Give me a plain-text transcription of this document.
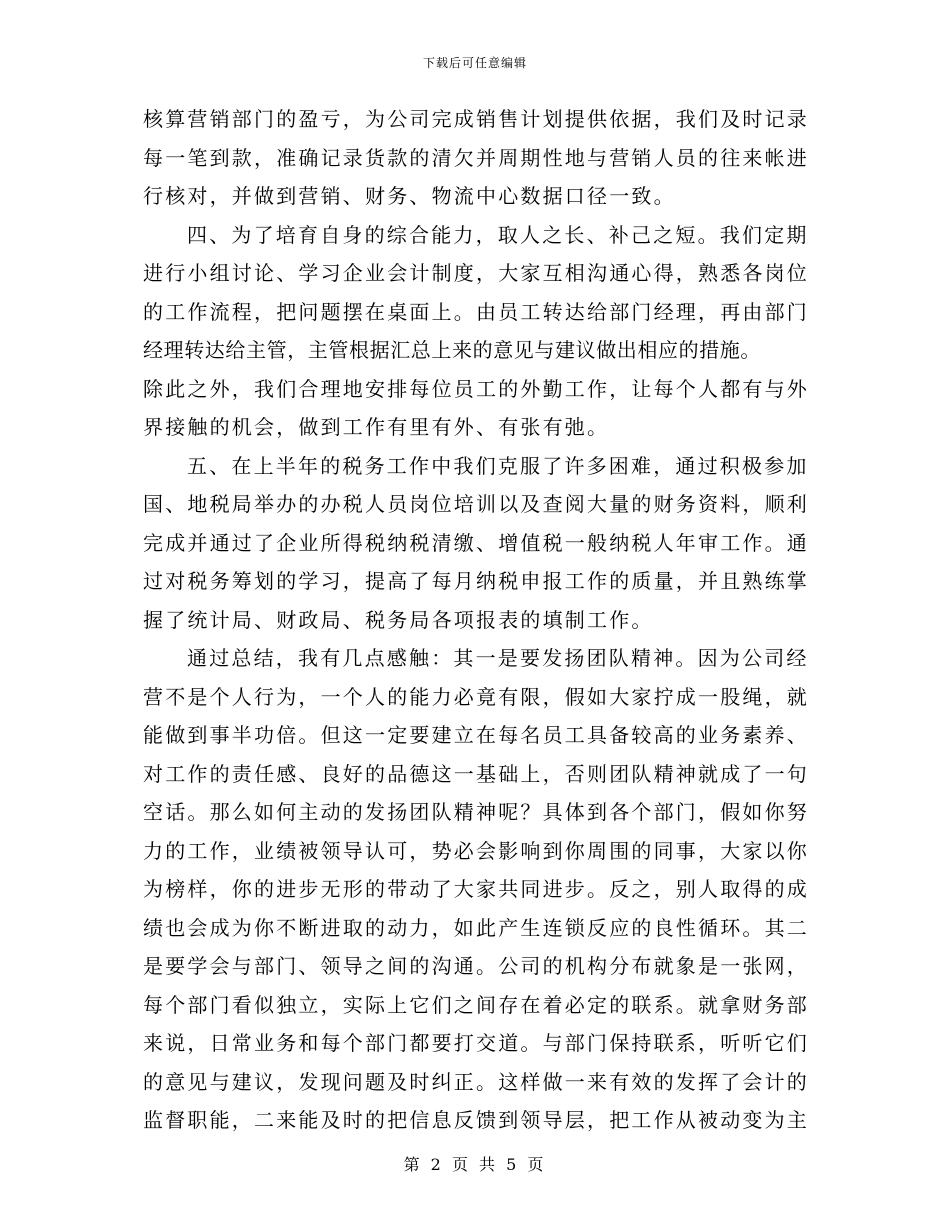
下载后可任意编辑
核算营销部门的盈亏，为公司完成销售计划提供依据，我们及时记录
每一笔到款，准确记录货款的清欠并周期性地与营销人员的往来帐进
行核对，并做到营销、财务、物流中心数据口径一致。
四、为了培育自身的综合能力，取人之长、补己之短。我们定期
进行小组讨论、学习企业会计制度，大家互相沟通心得，熟悉各岗位
的工作流程，把问题摆在桌面上。由员工转达给部门经理，再由部门
经理转达给主管，主管根据汇总上来的意见与建议做出相应的措施。
除此之外，我们合理地安排每位员工的外勤工作，让每个人都有与外
界接触的机会，做到工作有里有外、有张有弛。
五、在上半年的税务工作中我们克服了许多困难，通过积极参加
国、地税局举办的办税人员岗位培训以及查阅大量的财务资料，顺利
完成并通过了企业所得税纳税清缴、增值税一般纳税人年审工作。通
过对税务筹划的学习，提高了每月纳税申报工作的质量，并且熟练掌
握了统计局、财政局、税务局各项报表的填制工作。
通过总结，我有几点感触：其一是要发扬团队精神。因为公司经
营不是个人行为，一个人的能力必竟有限，假如大家拧成一股绳，就
能做到事半功倍。但这一定要建立在每名员工具备较高的业务素养、
对工作的责任感、良好的品德这一基础上，否则团队精神就成了一句
空话。那么如何主动的发扬团队精神呢？具体到各个部门，假如你努
力的工作，业绩被领导认可，势必会影响到你周围的同事，大家以你
为榜样，你的进步无形的带动了大家共同进步。反之，别人取得的成
绩也会成为你不断进取的动力，如此产生连锁反应的良性循环。其二
是要学会与部门、领导之间的沟通。公司的机构分布就象是一张网，
每个部门看似独立，实际上它们之间存在着必定的联系。就拿财务部
来说，日常业务和每个部门都要打交道。与部门保持联系，听听它们
的意见与建议，发现问题及时纠正。这样做一来有效的发挥了会计的
监督职能，二来能及时的把信息反馈到领导层，把工作从被动变为主
第 2 页 共 5 页
